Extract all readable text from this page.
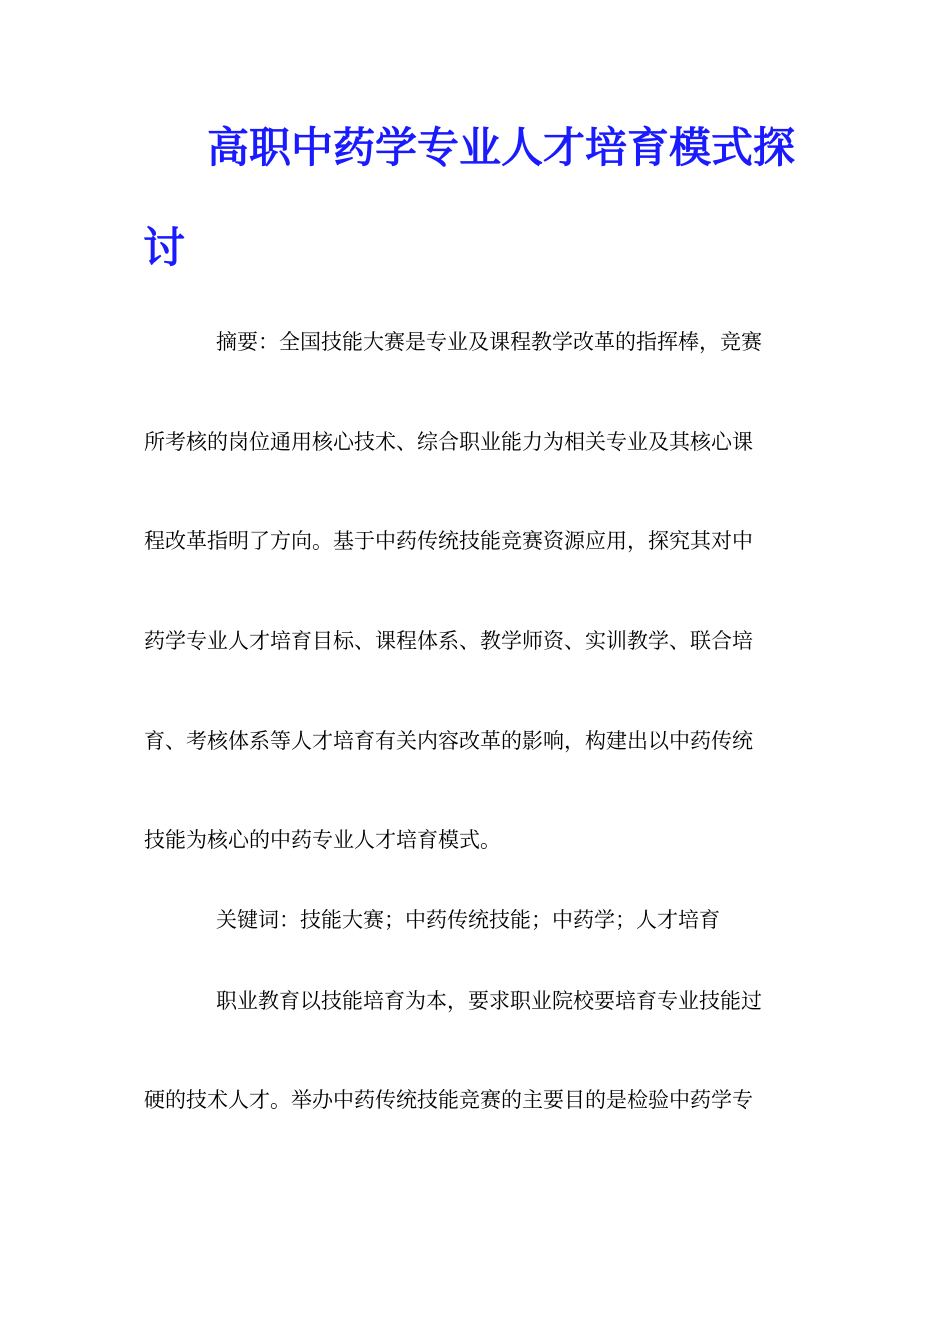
高职中药学专业人才培育模式探
讨
摘要：全国技能大赛是专业及课程教学改革的指挥棒，竞赛
所考核的岗位通用核心技术、综合职业能力为相关专业及其核心课
程改革指明了方向。基于中药传统技能竞赛资源应用，探究其对中
药学专业人才培育目标、课程体系、教学师资、实训教学、联合培
育、考核体系等人才培育有关内容改革的影响，构建出以中药传统
技能为核心的中药专业人才培育模式。
关键词：技能大赛；中药传统技能；中药学；人才培育
职业教育以技能培育为本，要求职业院校要培育专业技能过
硬的技术人才。举办中药传统技能竞赛的主要目的是检验中药学专
